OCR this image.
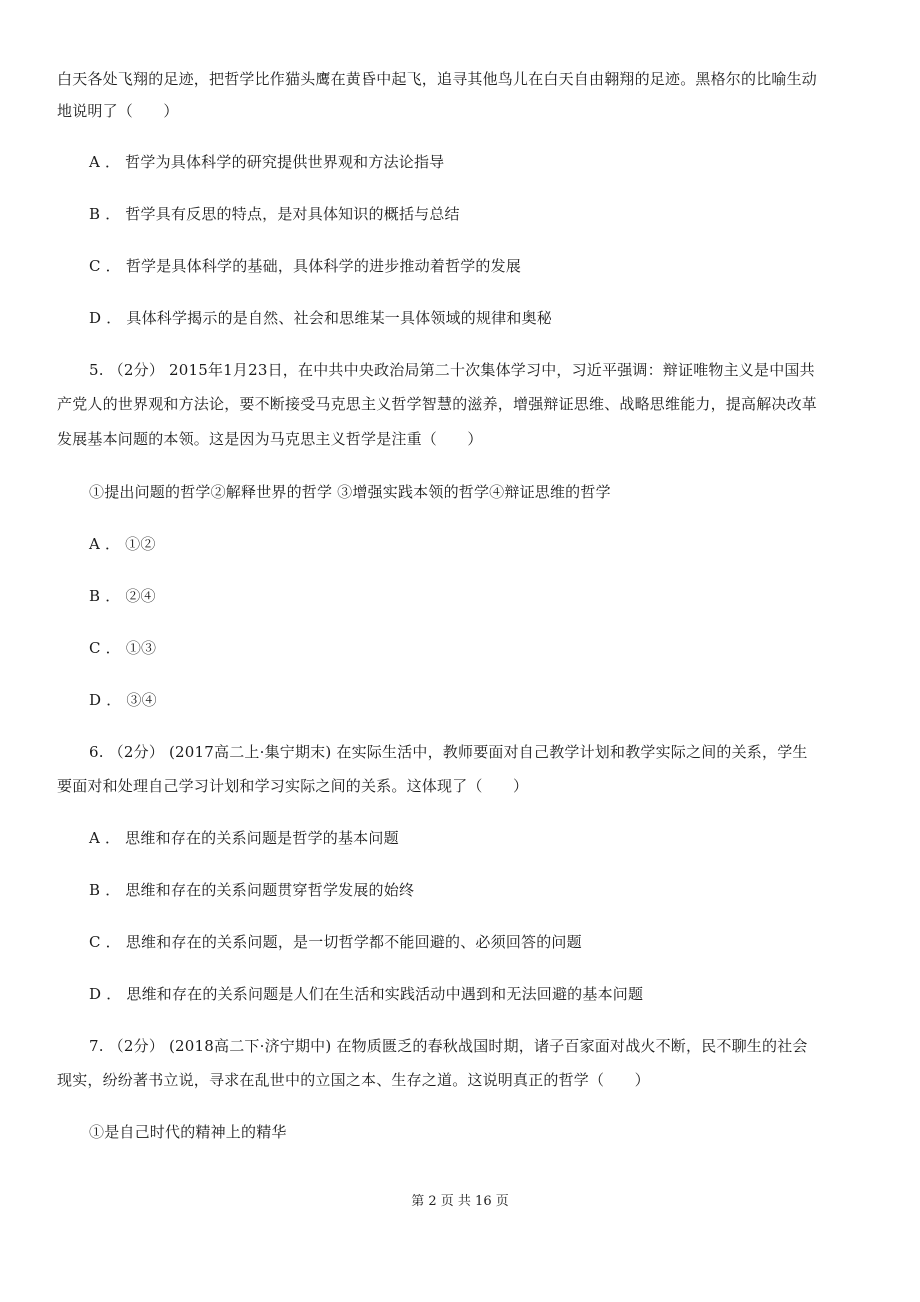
白天各处飞翔的足迹，把哲学比作猫头鹰在黄昏中起飞，追寻其他鸟儿在白天自由翱翔的足迹。黑格尔的比喻生动
地说明了（　　）
A ． 哲学为具体科学的研究提供世界观和方法论指导
B ． 哲学具有反思的特点，是对具体知识的概括与总结
C ． 哲学是具体科学的基础，具体科学的进步推动着哲学的发展
D ． 具体科学揭示的是自然、社会和思维某一具体领域的规律和奥秘
5. （2分） 2015年1月23日，在中共中央政治局第二十次集体学习中，习近平强调：辩证唯物主义是中国共
产党人的世界观和方法论，要不断接受马克思主义哲学智慧的滋养，增强辩证思维、战略思维能力，提高解决改革
发展基本问题的本领。这是因为马克思主义哲学是注重（　　）
①提出问题的哲学②解释世界的哲学 ③增强实践本领的哲学④辩证思维的哲学
A ． ①②
B ． ②④
C ． ①③
D ． ③④
6. （2分） (2017高二上·集宁期末) 在实际生活中，教师要面对自己教学计划和教学实际之间的关系，学生
要面对和处理自己学习计划和学习实际之间的关系。这体现了（　　）
A ． 思维和存在的关系问题是哲学的基本问题
B ． 思维和存在的关系问题贯穿哲学发展的始终
C ． 思维和存在的关系问题，是一切哲学都不能回避的、必须回答的问题
D ． 思维和存在的关系问题是人们在生活和实践活动中遇到和无法回避的基本问题
7. （2分） (2018高二下·济宁期中) 在物质匮乏的春秋战国时期，诸子百家面对战火不断，民不聊生的社会
现实，纷纷著书立说，寻求在乱世中的立国之本、生存之道。这说明真正的哲学（　　）
①是自己时代的精神上的精华
第 2 页 共 16 页
